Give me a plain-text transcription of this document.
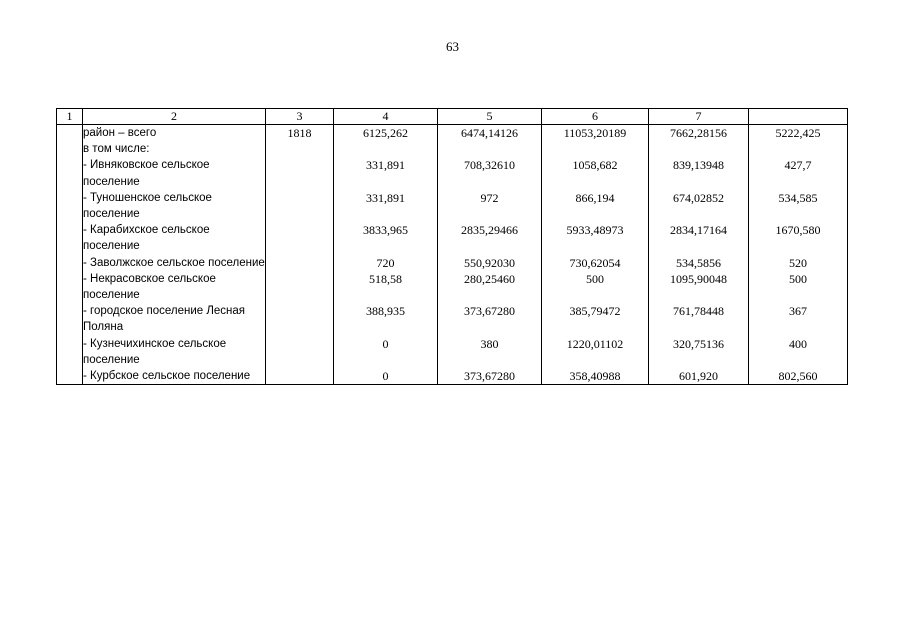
63
1	2	3	4	5	6	7	
	район – всего	1818	6125,262	6474,14126	11053,20189	7662,28156	5222,425
	в том числе:						
	- Ивняковское сельское поселение		331,891	708,32610	1058,682	839,13948	427,7
	- Туношенское сельское поселение		331,891	972	866,194	674,02852	534,585
	- Карабихское сельское поселение		3833,965	2835,29466	5933,48973	2834,17164	1670,580
	- Заволжское сельское поселение		720	550,92030	730,62054	534,5856	520
	- Некрасовское сельское поселение		518,58	280,25460	500	1095,90048	500
	- городское поселение Лесная Поляна		388,935	373,67280	385,79472	761,78448	367
	- Кузнечихинское сельское поселение		0	380	1220,01102	320,75136	400
	- Курбское сельское поселение		0	373,67280	358,40988	601,920	802,560
